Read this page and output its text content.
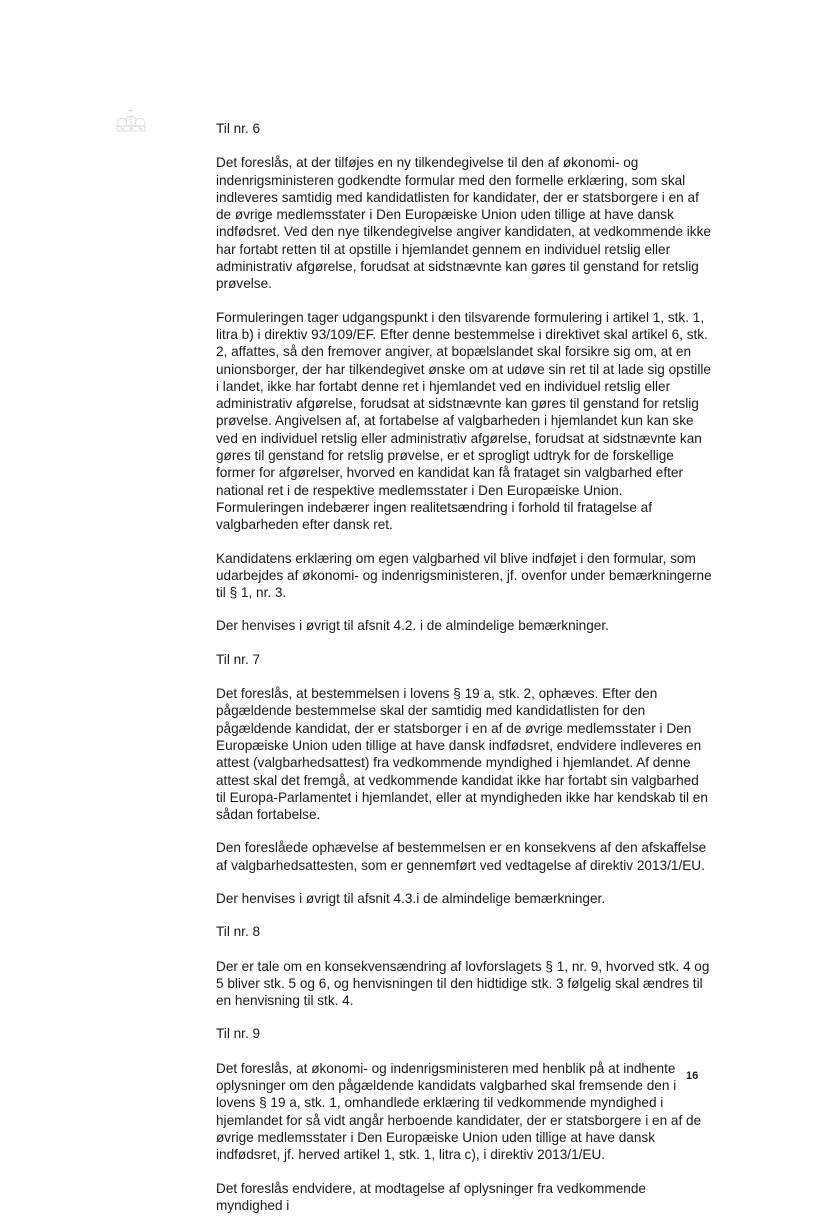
Til nr. 6

Det foreslås, at der tilføjes en ny tilkendegivelse til den af økonomi- og indenrigsministeren godkendte formular med den formelle erklæring, som skal indleveres samtidig med kandidatlisten for kandidater, der er statsborgere i en af de øvrige medlemsstater i Den Europæiske Union uden tillige at have dansk indfødsret. Ved den nye tilkendegivelse angiver kandidaten, at vedkommende ikke har fortabt retten til at opstille i hjemlandet gennem en individuel retslig eller administrativ afgørelse, forudsat at sidstnævnte kan gøres til genstand for retslig prøvelse.

Formuleringen tager udgangspunkt i den tilsvarende formulering i artikel 1, stk. 1, litra b) i direktiv 93/109/EF. Efter denne bestemmelse i direktivet skal artikel 6, stk. 2, affattes, så den fremover angiver, at bopælslandet skal forsikre sig om, at en unionsborger, der har tilkendegivet ønske om at udøve sin ret til at lade sig opstille i landet, ikke har fortabt denne ret i hjemlandet ved en individuel retslig eller administrativ afgørelse, forudsat at sidstnævnte kan gøres til genstand for retslig prøvelse. Angivelsen af, at fortabelse af valgbarheden i hjemlandet kun kan ske ved en individuel retslig eller administrativ afgørelse, forudsat at sidstnævnte kan gøres til genstand for retslig prøvelse, er et sprogligt udtryk for de forskellige former for afgørelser, hvorved en kandidat kan få frataget sin valgbarhed efter national ret i de respektive medlemsstater i Den Europæiske Union. Formuleringen indebærer ingen realitetsændring i forhold til fratagelse af valgbarheden efter dansk ret.

Kandidatens erklæring om egen valgbarhed vil blive indføjet i den formular, som udarbejdes af økonomi- og indenrigsministeren, jf. ovenfor under bemærkningerne til § 1, nr. 3.

Der henvises i øvrigt til afsnit 4.2. i de almindelige bemærkninger.

Til nr. 7

Det foreslås, at bestemmelsen i lovens § 19 a, stk. 2, ophæves. Efter den pågældende bestemmelse skal der samtidig med kandidatlisten for den pågældende kandidat, der er statsborger i en af de øvrige medlemsstater i Den Europæiske Union uden tillige at have dansk indfødsret, endvidere indleveres en attest (valgbarhedsattest) fra vedkommende myndighed i hjemlandet. Af denne attest skal det fremgå, at vedkommende kandidat ikke har fortabt sin valgbarhed til Europa-Parlamentet i hjemlandet, eller at myndigheden ikke har kendskab til en sådan fortabelse.

Den foreslåede ophævelse af bestemmelsen er en konsekvens af den afskaffelse af valgbarhedsattesten, som er gennemført ved vedtagelse af direktiv 2013/1/EU.

Der henvises i øvrigt til afsnit 4.3.i de almindelige bemærkninger.

Til nr. 8

Der er tale om en konsekvensændring af lovforslagets § 1, nr. 9, hvorved stk. 4 og 5 bliver stk. 5 og 6, og henvisningen til den hidtidige stk. 3 følgelig skal ændres til en henvisning til stk. 4.

Til nr. 9

Det foreslås, at økonomi- og indenrigsministeren med henblik på at indhente oplysninger om den pågældende kandidats valgbarhed skal fremsende den i lovens § 19 a, stk. 1, omhandlede erklæring til vedkommende myndighed i hjemlandet for så vidt angår herboende kandidater, der er statsborgere i en af de øvrige medlemsstater i Den Europæiske Union uden tillige at have dansk indfødsret, jf. herved artikel 1, stk. 1, litra c), i direktiv 2013/1/EU.

Det foreslås endvidere, at modtagelse af oplysninger fra vedkommende myndighed i

16
